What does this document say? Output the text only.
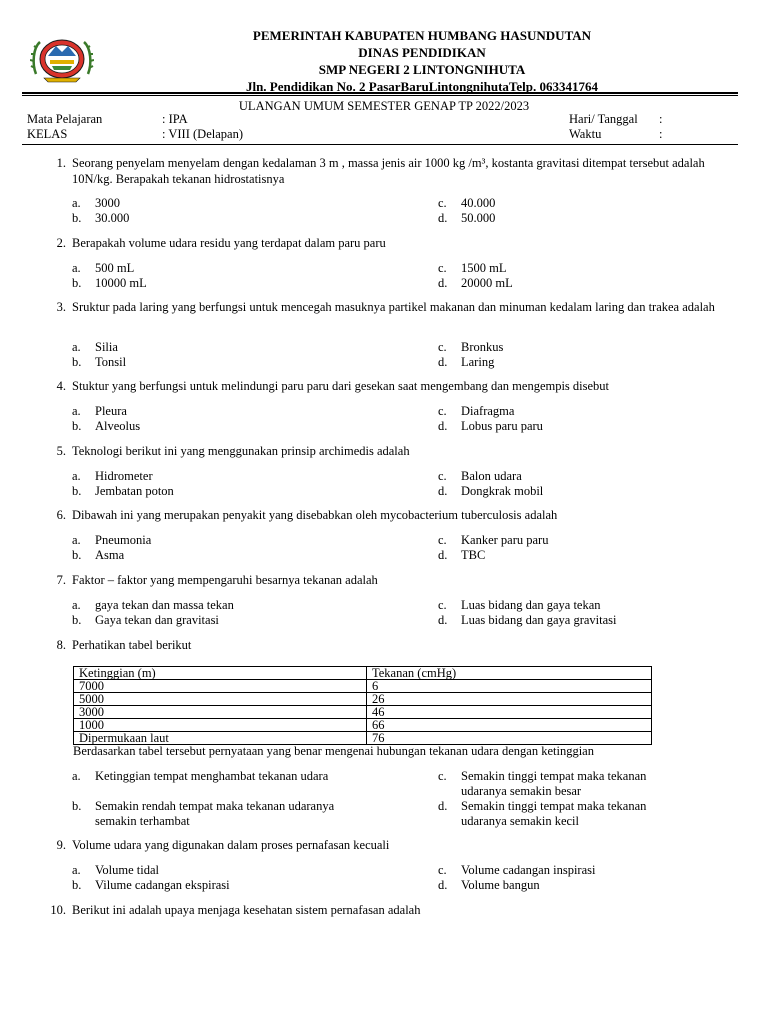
PEMERINTAH KABUPATEN HUMBANG HASUNDUTAN
DINAS PENDIDIKAN
SMP NEGERI 2 LINTONGNIHUTA
Jln. Pendidikan No. 2 PasarBaruLintongnihutaTelp. 063341764
ULANGAN UMUM SEMESTER GENAP TP 2022/2023
Mata Pelajaran	: IPA
KELAS	: VIII (Delapan)
Hari/ Tanggal :
Waktu	:
1. Seorang penyelam menyelam dengan kedalaman 3 m , massa jenis air 1000 kg /m³, kostanta gravitasi ditempat tersebut adalah 10N/kg. Berapakah tekanan hidrostatisnya
a. 3000
b. 30.000
c. 40.000
d. 50.000
2. Berapakah volume udara residu yang terdapat dalam paru paru
a. 500 mL
b. 10000 mL
c. 1500 mL
d. 20000 mL
3. Sruktur pada laring yang berfungsi untuk mencegah masuknya partikel makanan dan minuman kedalam laring dan trakea adalah
a. Silia
b. Tonsil
c. Bronkus
d. Laring
4. Stuktur yang berfungsi untuk melindungi paru paru dari gesekan saat mengembang dan mengempis disebut
a. Pleura
b. Alveolus
c. Diafragma
d. Lobus paru paru
5. Teknologi berikut ini yang menggunakan prinsip archimedis adalah
a. Hidrometer
b. Jembatan poton
c. Balon udara
d. Dongkrak mobil
6. Dibawah ini yang merupakan penyakit yang disebabkan oleh mycobacterium tuberculosis adalah
a. Pneumonia
b. Asma
c. Kanker paru paru
d. TBC
7. Faktor – faktor yang mempengaruhi besarnya tekanan adalah
a. gaya tekan dan massa tekan
b. Gaya tekan dan gravitasi
c. Luas bidang dan gaya tekan
d. Luas bidang dan gaya gravitasi
8. Perhatikan tabel berikut
Ketinggian (m)	Tekanan (cmHg)
7000	6
5000	26
3000	46
1000	66
Dipermukaan laut	76
Berdasarkan tabel tersebut pernyataan yang benar mengenai hubungan tekanan udara dengan ketinggian
a. Ketinggian tempat menghambat tekanan udara
b. Semakin rendah tempat maka tekanan udaranya semakin terhambat
c. Semakin tinggi tempat maka tekanan udaranya semakin besar
d. Semakin tinggi tempat maka tekanan udaranya semakin kecil
9. Volume udara yang digunakan dalam proses pernafasan kecuali
a. Volume tidal
b. Vilume cadangan ekspirasi
c. Volume cadangan inspirasi
d. Volume bangun
10. Berikut ini adalah upaya menjaga kesehatan sistem pernafasan adalah
